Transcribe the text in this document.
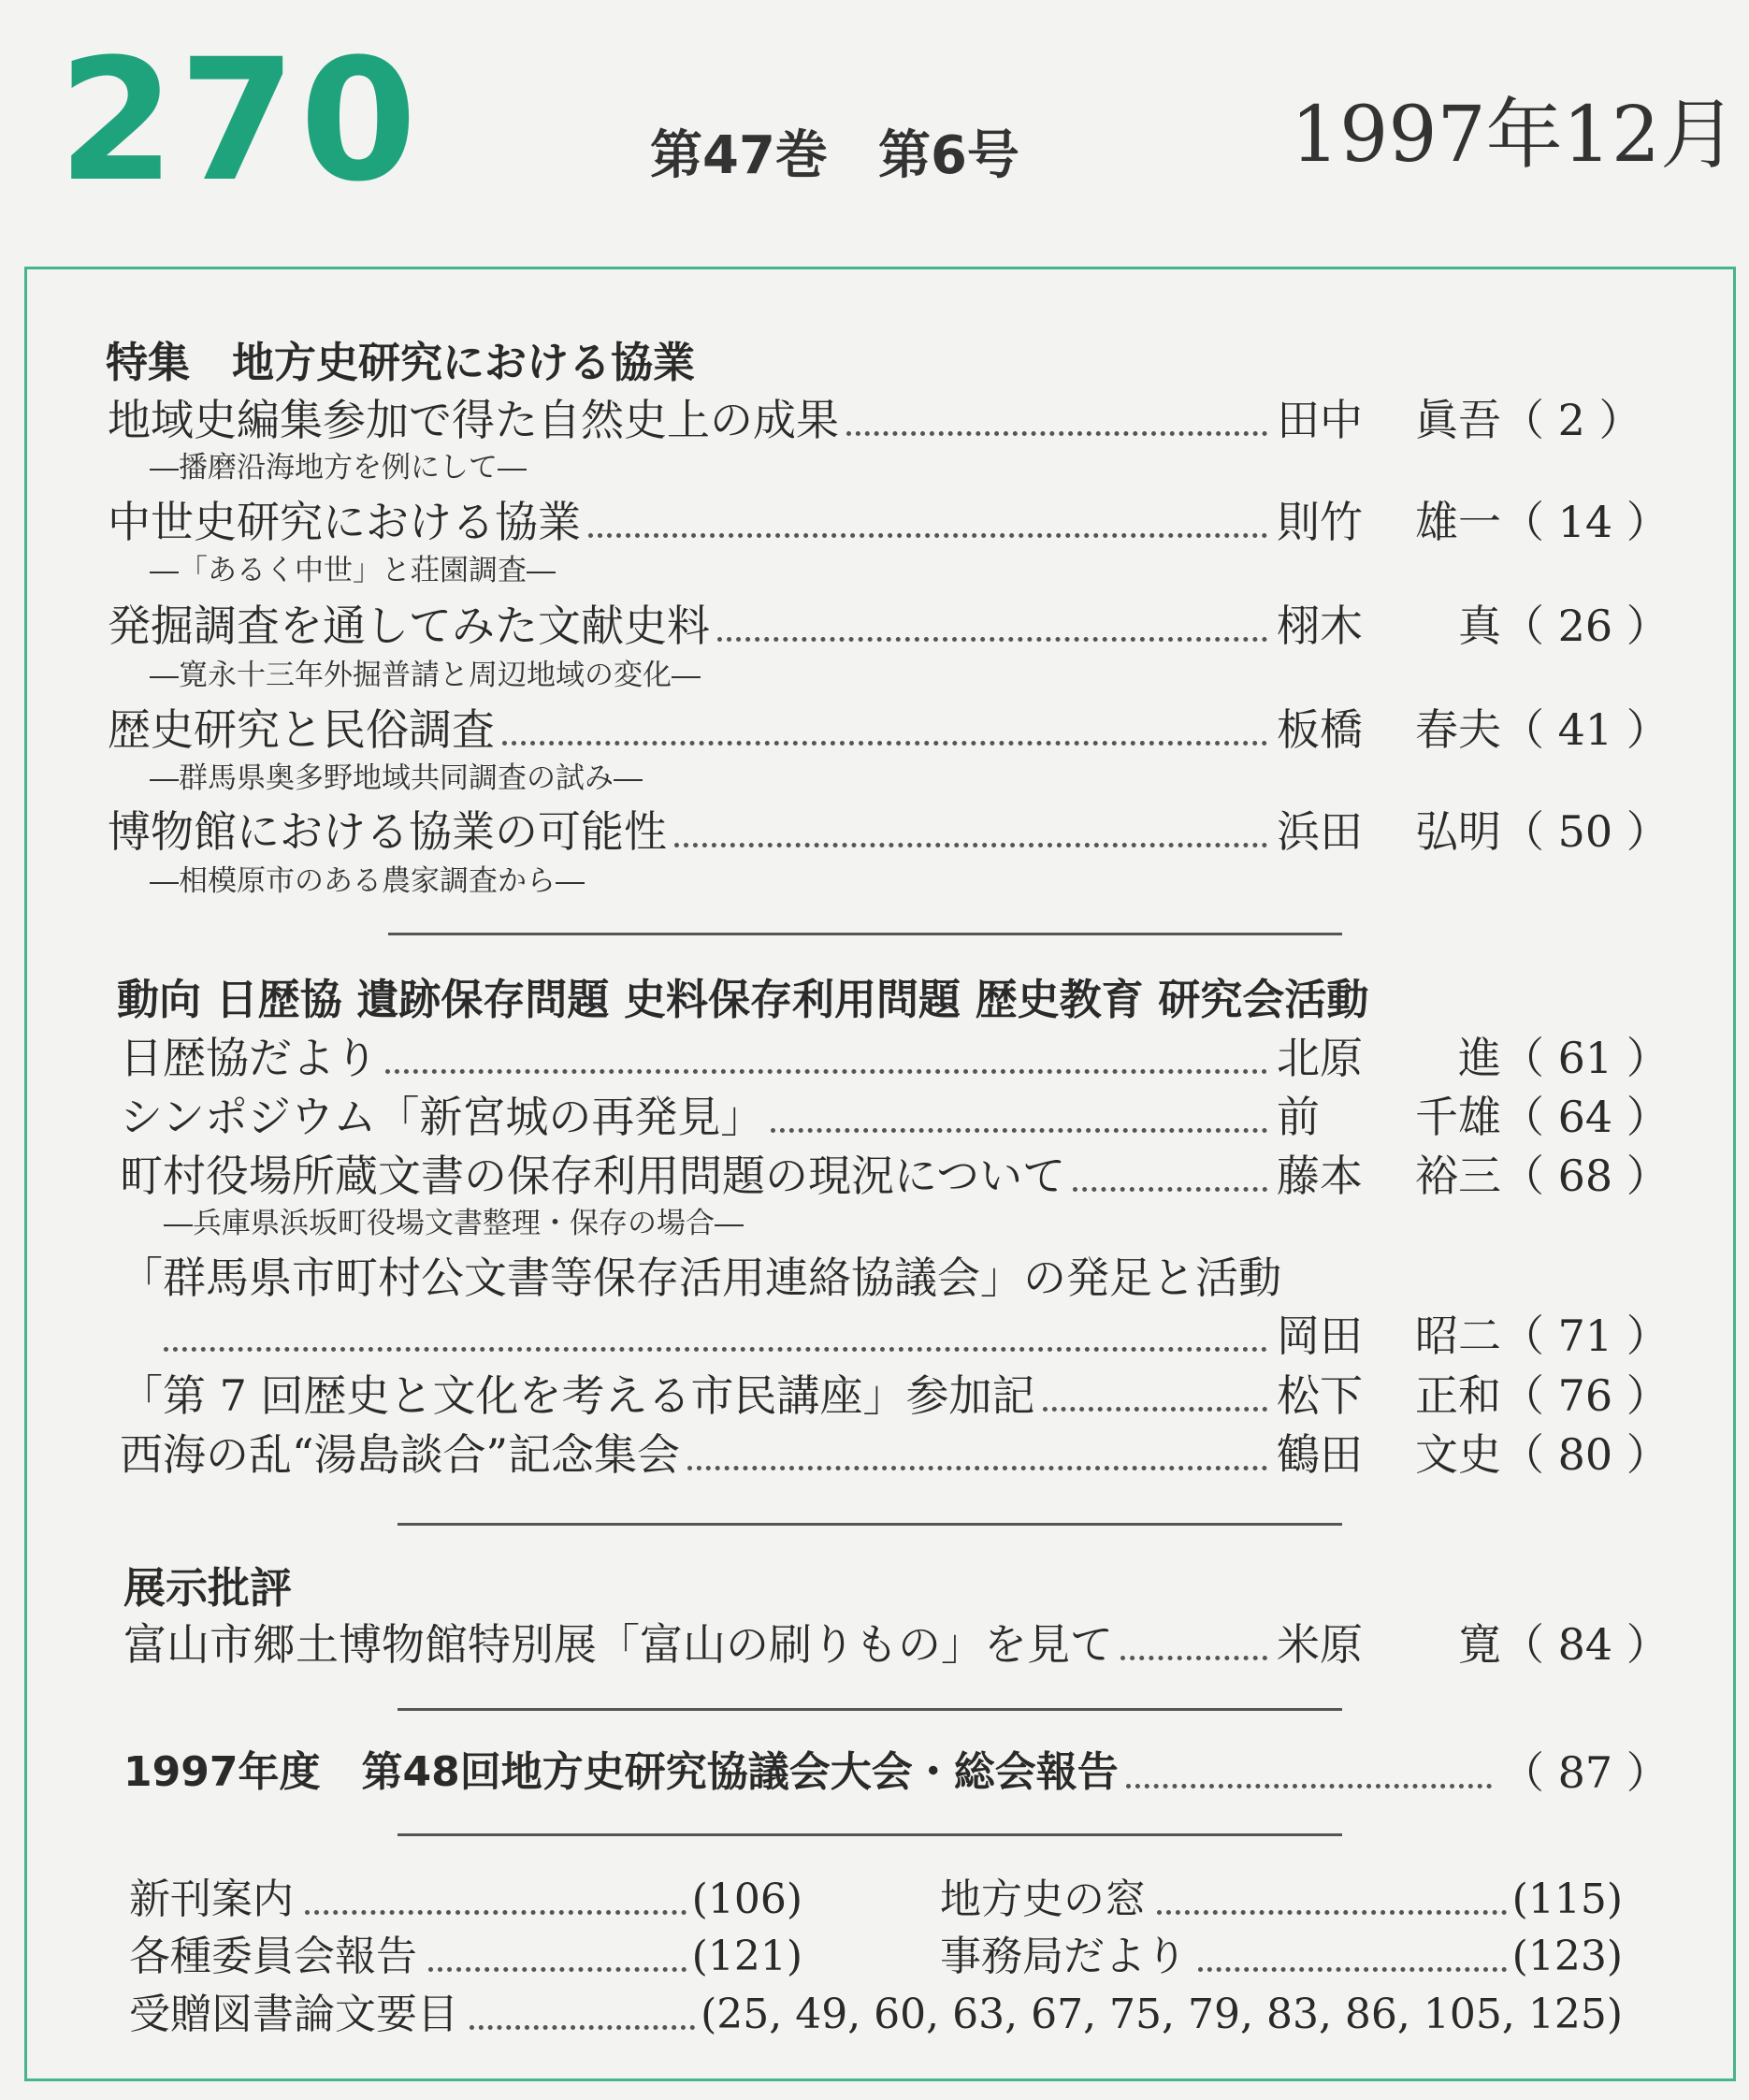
270	第47巻 第6号	1997年12月
特集　地方史研究における協業
地域史編集参加で得た自然史上の成果	田中 眞吾 （ 2 ）
―播磨沿海地方を例にして―
中世史研究における協業	則竹 雄一 （ 14 ）
―「あるく中世」と荘園調査―
発掘調査を通してみた文献史料	栩木 真 （ 26 ）
―寛永十三年外掘普請と周辺地域の変化―
歴史研究と民俗調査	板橋 春夫 （ 41 ）
―群馬県奥多野地域共同調査の試み―
博物館における協業の可能性	浜田 弘明 （ 50 ）
―相模原市のある農家調査から―
動向 日歴協 遺跡保存問題 史料保存利用問題 歴史教育 研究会活動
日歴協だより	北原 進 （ 61 ）
シンポジウム「新宮城の再発見」	前 千雄 （ 64 ）
町村役場所蔵文書の保存利用問題の現況について	藤本 裕三 （ 68 ）
―兵庫県浜坂町役場文書整理・保存の場合―
「群馬県市町村公文書等保存活用連絡協議会」の発足と活動
岡田 昭二 （ 71 ）
「第 7 回歴史と文化を考える市民講座」参加記	松下 正和 （ 76 ）
西海の乱“湯島談合”記念集会	鶴田 文史 （ 80 ）
展示批評
富山市郷土博物館特別展「富山の刷りもの」を見て	米原 寛 （ 84 ）
1997年度　第48回地方史研究協議会大会・総会報告	（ 87 ）
新刊案内	(106)	地方史の窓	(115)
各種委員会報告	(121)	事務局だより	(123)
受贈図書論文要目	(25, 49, 60, 63, 67, 75, 79, 83, 86, 105, 125)
